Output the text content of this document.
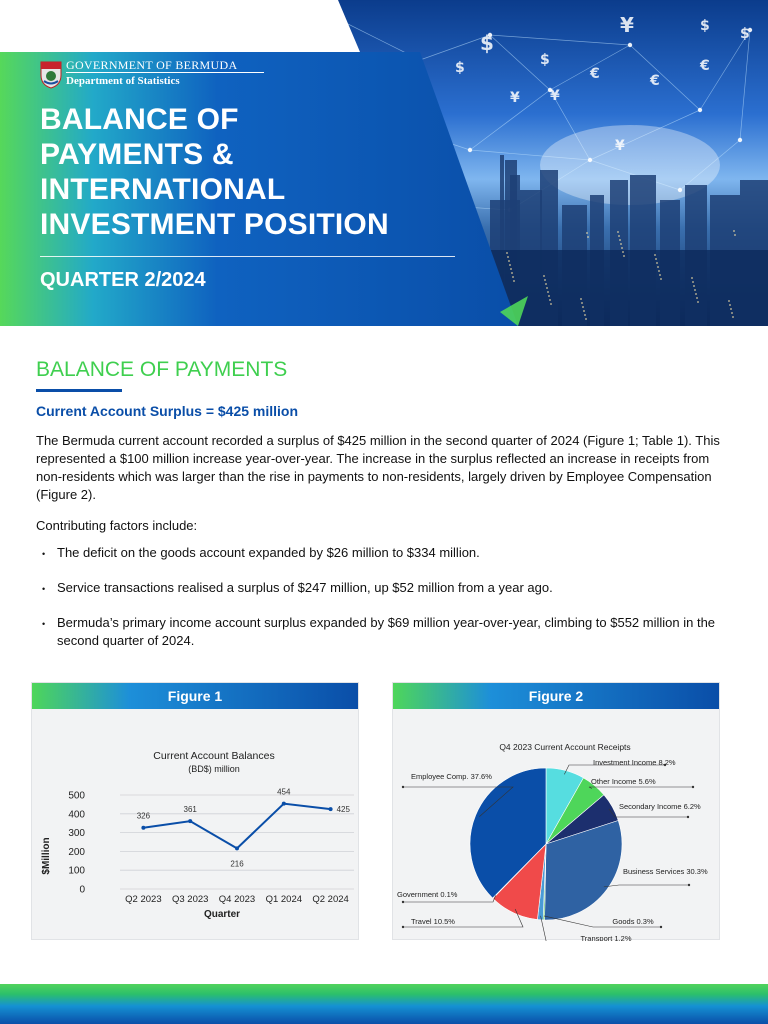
$
¥
$
$
€
¥
$
€
¥
$
¥
€
GOVERNMENT OF BERMUDA
Department of Statistics
BALANCE OF
PAYMENTS &
INTERNATIONAL
INVESTMENT POSITION
QUARTER 2/2024
BALANCE OF PAYMENTS
Current Account Surplus = $425 million

The Bermuda current account recorded a surplus of $425 million in the second quarter of 2024 (Figure 1; Table 1). This represented a $100 million increase year-over-year. The increase in the surplus reflected an increase in receipts from non-residents which was larger than the rise in payments to non-residents, largely driven by Employee Compensation (Figure 2).

Contributing factors include:
• The deficit on the goods account expanded by $26 million to $334 million.
• Service transactions realised a surplus of $247 million, up $52 million from a year ago.
• Bermuda’s primary income account surplus expanded by $69 million year-over-year, climbing to $552 million in the second quarter of 2024.
Figure 1
Current Account Balances
(BD$) million
0
100
200
300
400
500
Q2 2023 Q3 2023 Q4 2023 Q1 2024 Q2 2024
Quarter
$Million
326
361
216
454
425
Figure 2
Q4 2023 Current Account Receipts
Investment Income 8.2%
Other Income 5.6%
Secondary Income 6.2%
Business Services 30.3%
Goods 0.3%
Transport 1.2%
Travel 10.5%
Government 0.1%
Employee Comp. 37.6%
